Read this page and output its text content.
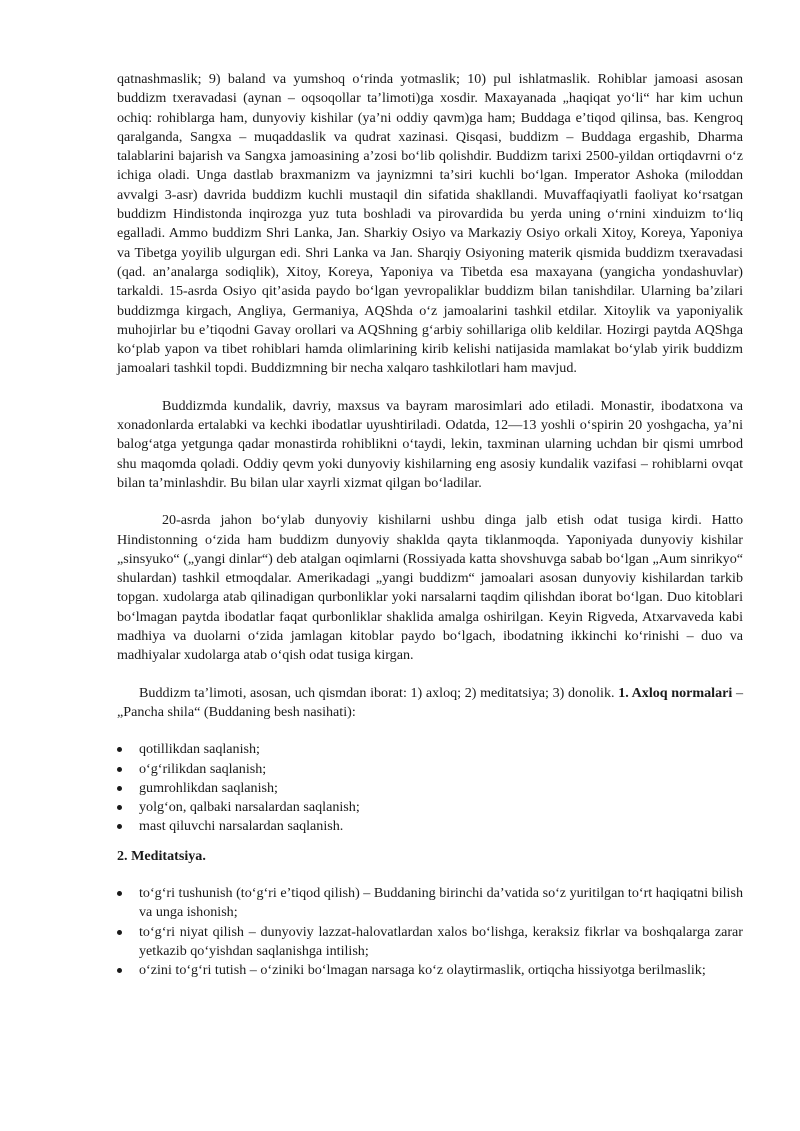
qatnashmaslik; 9) baland va yumshoq oʻrinda yotmaslik; 10) pul ishlatmaslik. Rohiblar jamoasi asosan buddizm txeravadasi (aynan – oqsoqollar taʼlimoti)ga xosdir. Maxayanada „haqiqat yoʻli“ har kim uchun ochiq: rohiblarga ham, dunyoviy kishilar (yaʼni oddiy qavm)ga ham; Buddaga eʼtiqod qilinsa, bas. Kengroq qaralganda, Sangxa – muqaddaslik va qudrat xazinasi. Qisqasi, buddizm – Buddaga ergashib, Dharma talablarini bajarish va Sangxa jamoasining aʼzosi boʻlib qolishdir. Buddizm tarixi 2500-yildan ortiqdavrni oʻz ichiga oladi. Unga dastlab braxmanizm va jaynizmni taʼsiri kuchli boʻlgan. Imperator Ashoka (miloddan avvalgi 3-asr) davrida buddizm kuchli mustaqil din sifatida shakllandi. Muvaffaqiyatli faoliyat koʻrsatgan buddizm Hindistonda inqirozga yuz tuta boshladi va pirovardida bu yerda uning oʻrnini xinduizm toʻliq egalladi. Ammo buddizm Shri Lanka, Jan. Sharkiy Osiyo va Markaziy Osiyo orkali Xitoy, Koreya, Yaponiya va Tibetga yoyilib ulgurgan edi. Shri Lanka va Jan. Sharqiy Osiyoning materik qismida buddizm txeravadasi (qad. anʼanalarga sodiqlik), Xitoy, Koreya, Yaponiya va Tibetda esa maxayana (yangicha yondashuvlar) tarkaldi. 15-asrda Osiyo qitʼasida paydo boʻlgan yevropaliklar buddizm bilan tanishdilar. Ularning baʼzilari buddizmga kirgach, Angliya, Germaniya, AQShda oʻz jamoalarini tashkil etdilar. Xitoylik va yaponiyalik muhojirlar bu eʼtiqodni Gavay orollari va AQShning gʻarbiy sohillariga olib keldilar. Hozirgi paytda AQShga koʻplab yapon va tibet rohiblari hamda olimlarining kirib kelishi natijasida mamlakat boʻylab yirik buddizm jamoalari tashkil topdi. Buddizmning bir necha xalqaro tashkilotlari ham mavjud.

Buddizmda kundalik, davriy, maxsus va bayram marosimlari ado etiladi. Monastir, ibodatxona va xonadonlarda ertalabki va kechki ibodatlar uyushtiriladi. Odatda, 12—13 yoshli oʻspirin 20 yoshgacha, yaʼni balogʻatga yetgunga qadar monastirda rohiblikni oʻtaydi, lekin, taxminan ularning uchdan bir qismi umrbod shu maqomda qoladi. Oddiy qevm yoki dunyoviy kishilarning eng asosiy kundalik vazifasi – rohiblarni ovqat bilan taʼminlashdir. Bu bilan ular xayrli xizmat qilgan boʻladilar.

20-asrda jahon boʻylab dunyoviy kishilarni ushbu dinga jalb etish odat tusiga kirdi. Hatto Hindistonning oʻzida ham buddizm dunyoviy shaklda qayta tiklanmoqda. Yaponiyada dunyoviy kishilar „sinsyuko“ („yangi dinlar“) deb atalgan oqimlarni (Rossiyada katta shovshuvga sabab boʻlgan „Aum sinrikyo“ shulardan) tashkil etmoqdalar. Amerikadagi „yangi buddizm“ jamoalari asosan dunyoviy kishilardan tarkib topgan. xudolarga atab qilinadigan qurbonliklar yoki narsalarni taqdim qilishdan iborat boʻlgan. Duo kitoblari boʻlmagan paytda ibodatlar faqat qurbonliklar shaklida amalga oshirilgan. Keyin Rigveda, Atxarvaveda kabi madhiya va duolarni oʻzida jamlagan kitoblar paydo boʻlgach, ibodatning ikkinchi koʻrinishi – duo va madhiyalar xudolarga atab oʻqish odat tusiga kirgan.

Buddizm taʼlimoti, asosan, uch qismdan iborat: 1) axloq; 2) meditatsiya; 3) donolik. 1. Axloq normalari – „Pancha shila“ (Buddaning besh nasihati):

qotillikdan saqlanish;
oʻgʻrilikdan saqlanish;
gumrohlikdan saqlanish;
yolgʻon, qalbaki narsalardan saqlanish;
mast qiluvchi narsalardan saqlanish.

2. Meditatsiya.

toʻgʻri tushunish (toʻgʻri eʼtiqod qilish) – Buddaning birinchi daʼvatida soʻz yuritilgan toʻrt haqiqatni bilish va unga ishonish;
toʻgʻri niyat qilish – dunyoviy lazzat-halovatlardan xalos boʻlishga, keraksiz fikrlar va boshqalarga zarar yetkazib qoʻyishdan saqlanishga intilish;
oʻzini toʻgʻri tutish – oʻziniki boʻlmagan narsaga koʻz olaytirmaslik, ortiqcha hissiyotga berilmaslik;
